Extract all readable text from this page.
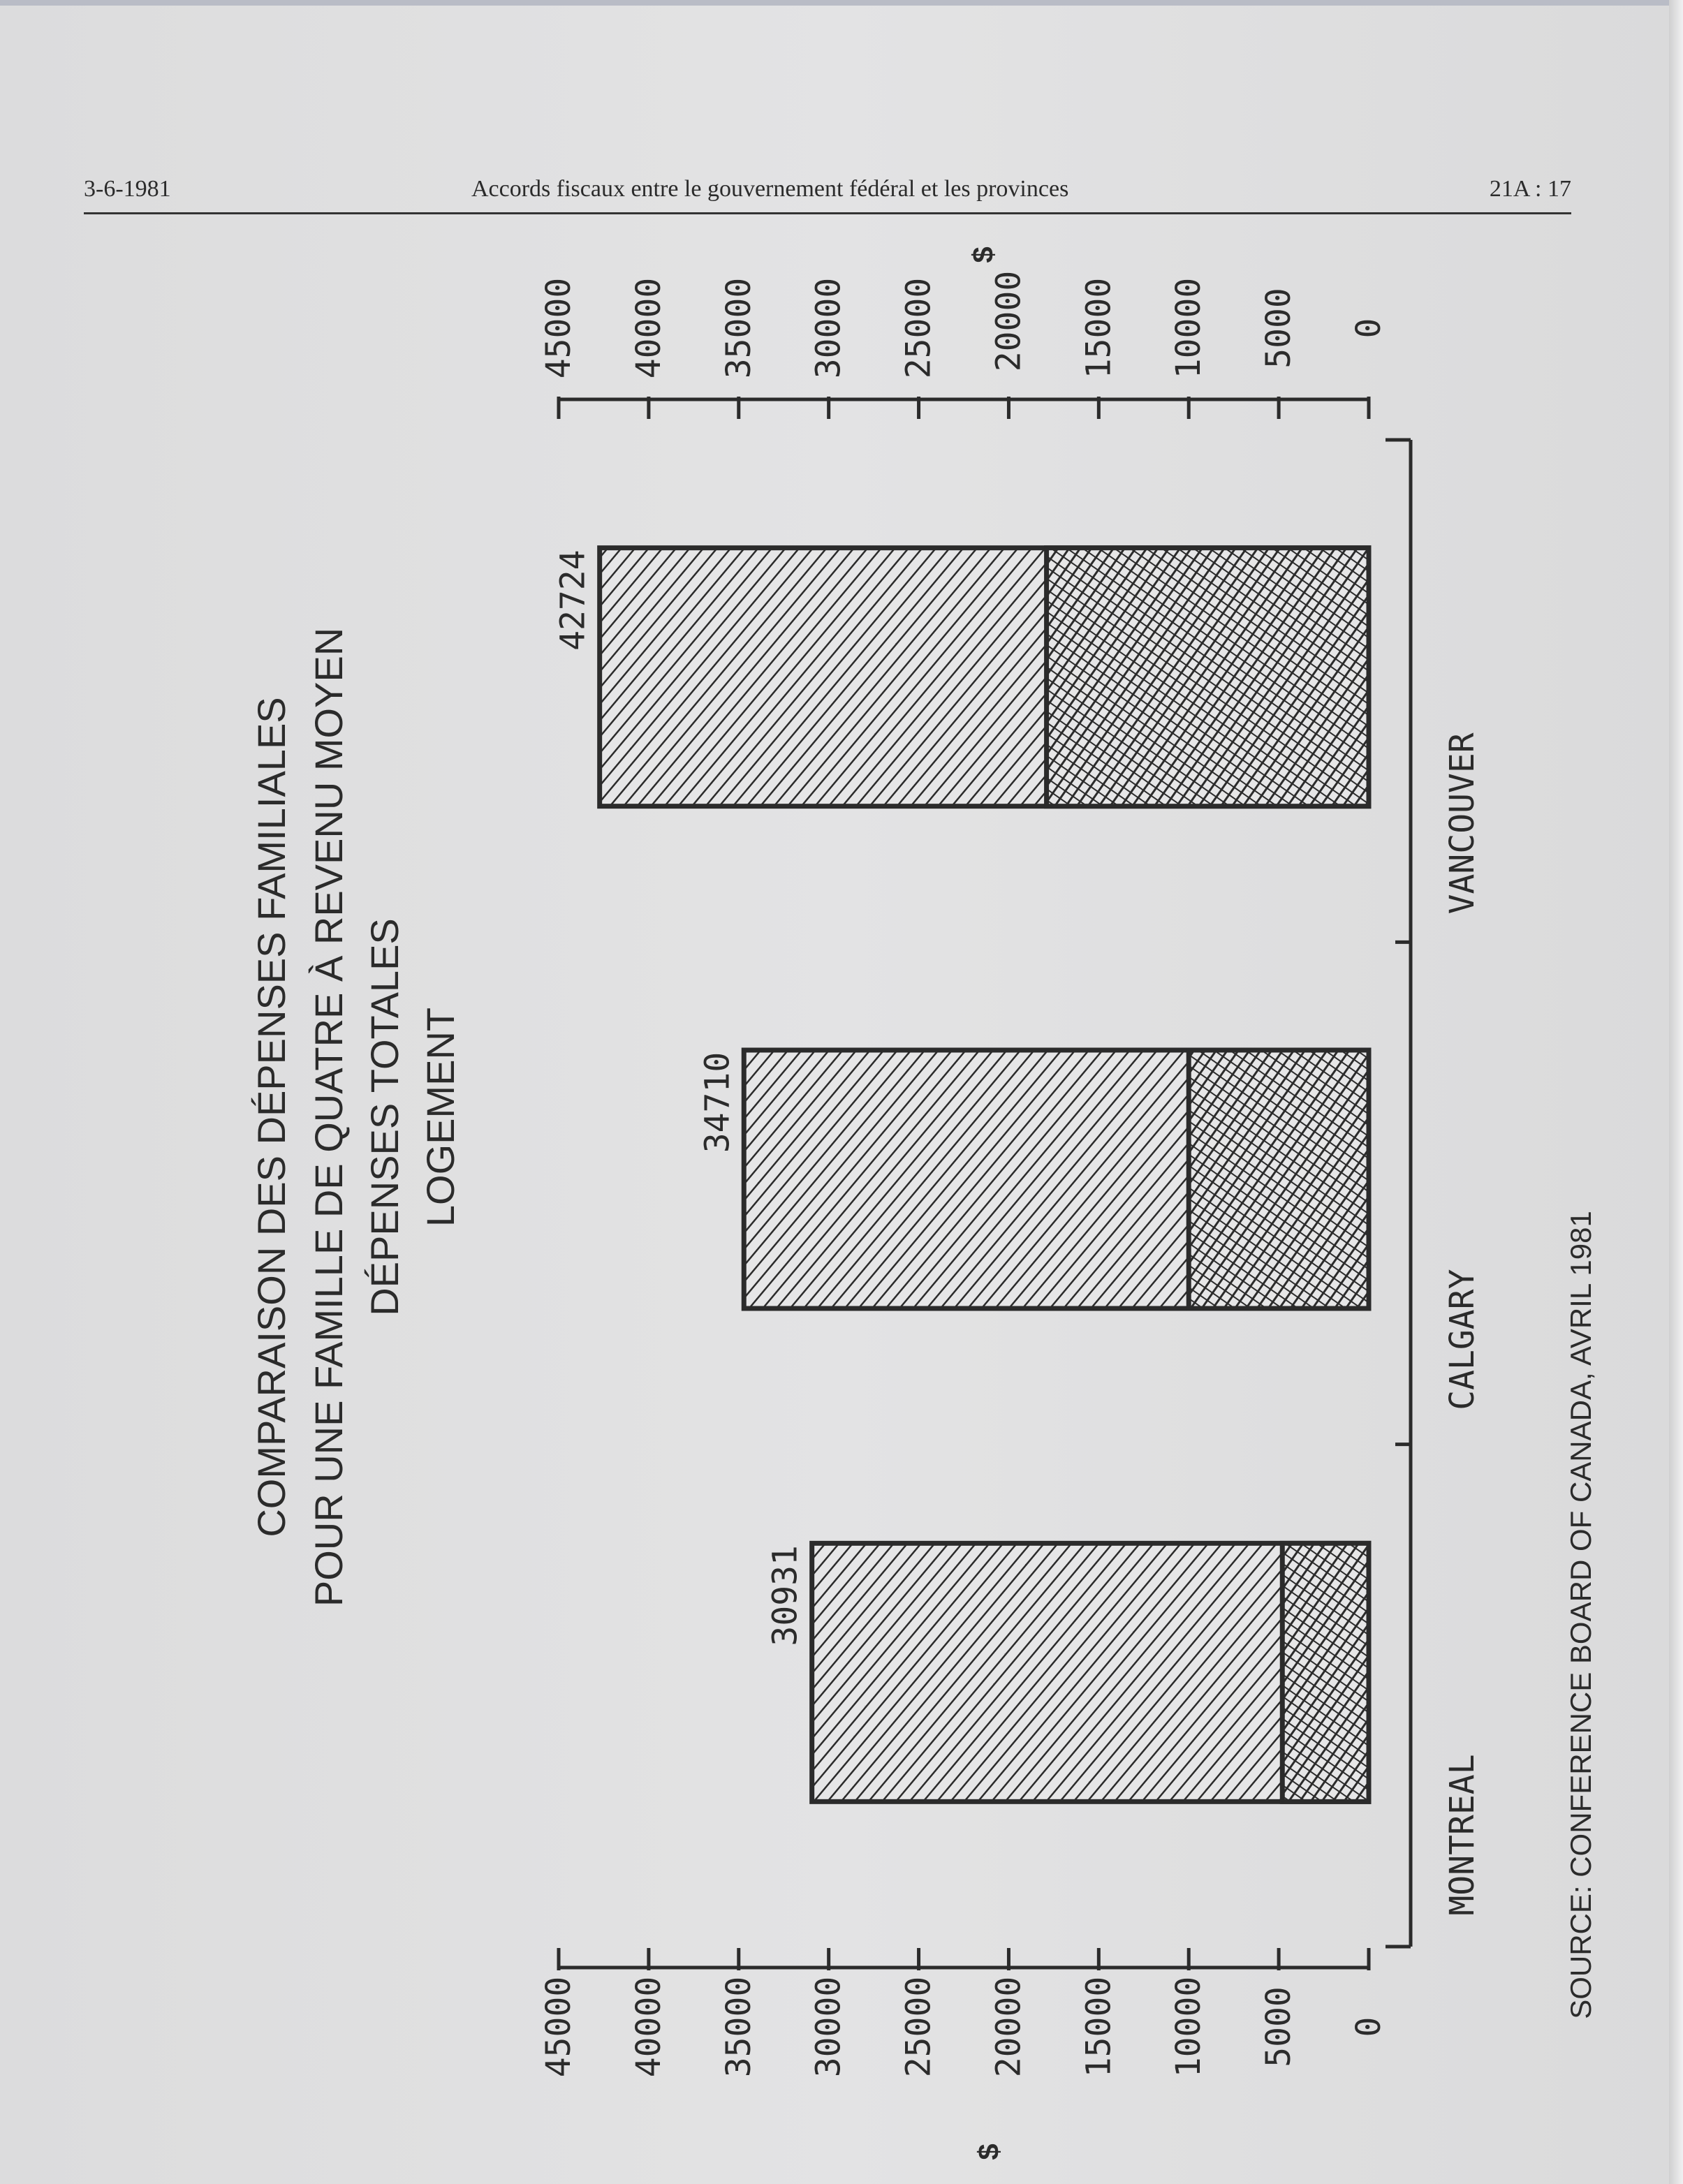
3-6-1981	Accords fiscaux entre le gouvernement fédéral et les provinces	21A : 17
COMPARAISON DES DÉPENSES FAMILIALES POUR UNE FAMILLE DE QUATRE À REVENU MOYEN DÉPENSES TOTALES LOGEMENT
0
5000
10000
15000
20000
25000
30000
35000
40000
45000
$
0
5000
10000
15000
20000
25000
30000
35000
40000
45000
$
MONTREAL
CALGARY
VANCOUVER
30931
34710
42724
SOURCE: CONFERENCE BOARD OF CANADA, AVRIL 1981
